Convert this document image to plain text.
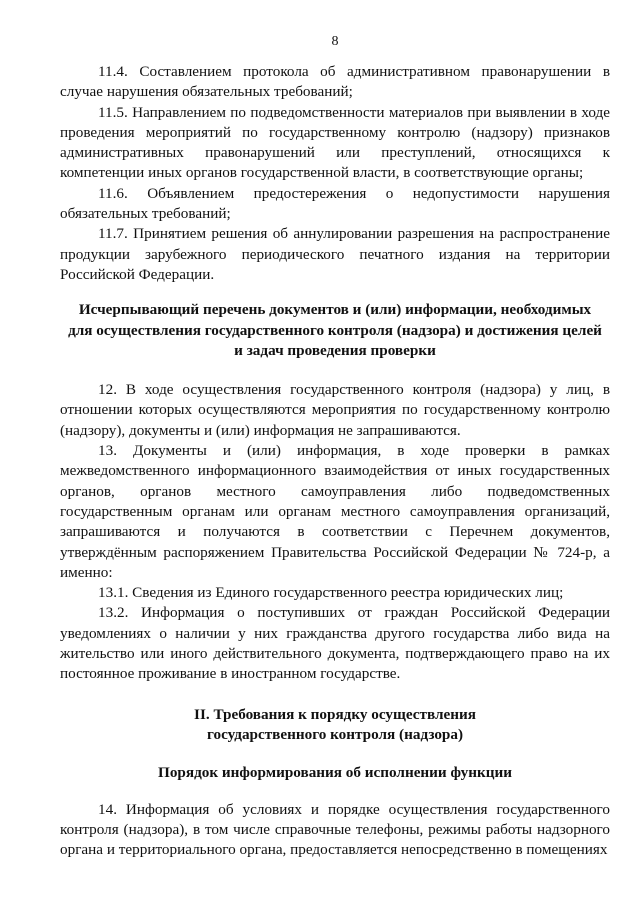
8

11.4. Составлением протокола об административном правонарушении в случае нарушения обязательных требований;

11.5. Направлением по подведомственности материалов при выявлении в ходе проведения мероприятий по государственному контролю (надзору) признаков административных правонарушений или преступлений, относящихся к компетенции иных органов государственной власти, в соответствующие органы;

11.6. Объявлением предостережения о недопустимости нарушения обязательных требований;

11.7. Принятием решения об аннулировании разрешения на распространение продукции зарубежного периодического печатного издания на территории Российской Федерации.

Исчерпывающий перечень документов и (или) информации, необходимых для осуществления государственного контроля (надзора) и достижения целей и задач проведения проверки

12. В ходе осуществления государственного контроля (надзора) у лиц, в отношении которых осуществляются мероприятия по государственному контролю (надзору), документы и (или) информация не запрашиваются.

13. Документы и (или) информация, в ходе проверки в рамках межведомственного информационного взаимодействия от иных государственных органов, органов местного самоуправления либо подведомственных государственным органам или органам местного самоуправления организаций, запрашиваются и получаются в соответствии с Перечнем документов, утверждённым распоряжением Правительства Российской Федерации № 724-р, а именно:

13.1. Сведения из Единого государственного реестра юридических лиц;

13.2. Информация о поступивших от граждан Российской Федерации уведомлениях о наличии у них гражданства другого государства либо вида на жительство или иного действительного документа, подтверждающего право на их постоянное проживание в иностранном государстве.

II. Требования к порядку осуществления государственного контроля (надзора)

Порядок информирования об исполнении функции

14. Информация об условиях и порядке осуществления государственного контроля (надзора), в том числе справочные телефоны, режимы работы надзорного органа и территориального органа, предоставляется непосредственно в помещениях
